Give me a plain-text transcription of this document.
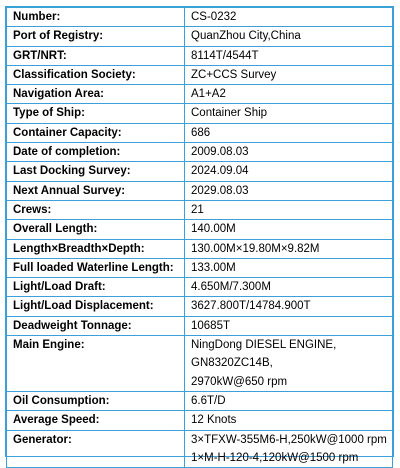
Number:	CS-0232
Port of Registry:	QuanZhou City,China
GRT/NRT:	8114T/4544T
Classification Society:	ZC+CCS Survey
Navigation Area:	A1+A2
Type of Ship:	Container Ship
Container Capacity:	686
Date of completion:	2009.08.03
Last Docking Survey:	2024.09.04
Next Annual Survey:	2029.08.03
Crews:	21
Overall Length:	140.00M
Length×Breadth×Depth:	130.00M×19.80M×9.82M
Full loaded Waterline Length:	133.00M
Light/Load Draft:	4.650M/7.300M
Light/Load Displacement:	3627.800T/14784.900T
Deadweight Tonnage:	10685T
Main Engine:	NingDong DIESEL ENGINE,
GN8320ZC14B,
2970kW@650 rpm

Oil Consumption:	6.6T/D
Average Speed:	12 Knots
Generator:	3×TFXW-355M6-H,250kW@1000 rpm
1×M-H-120-4,120kW@1500 rpm
